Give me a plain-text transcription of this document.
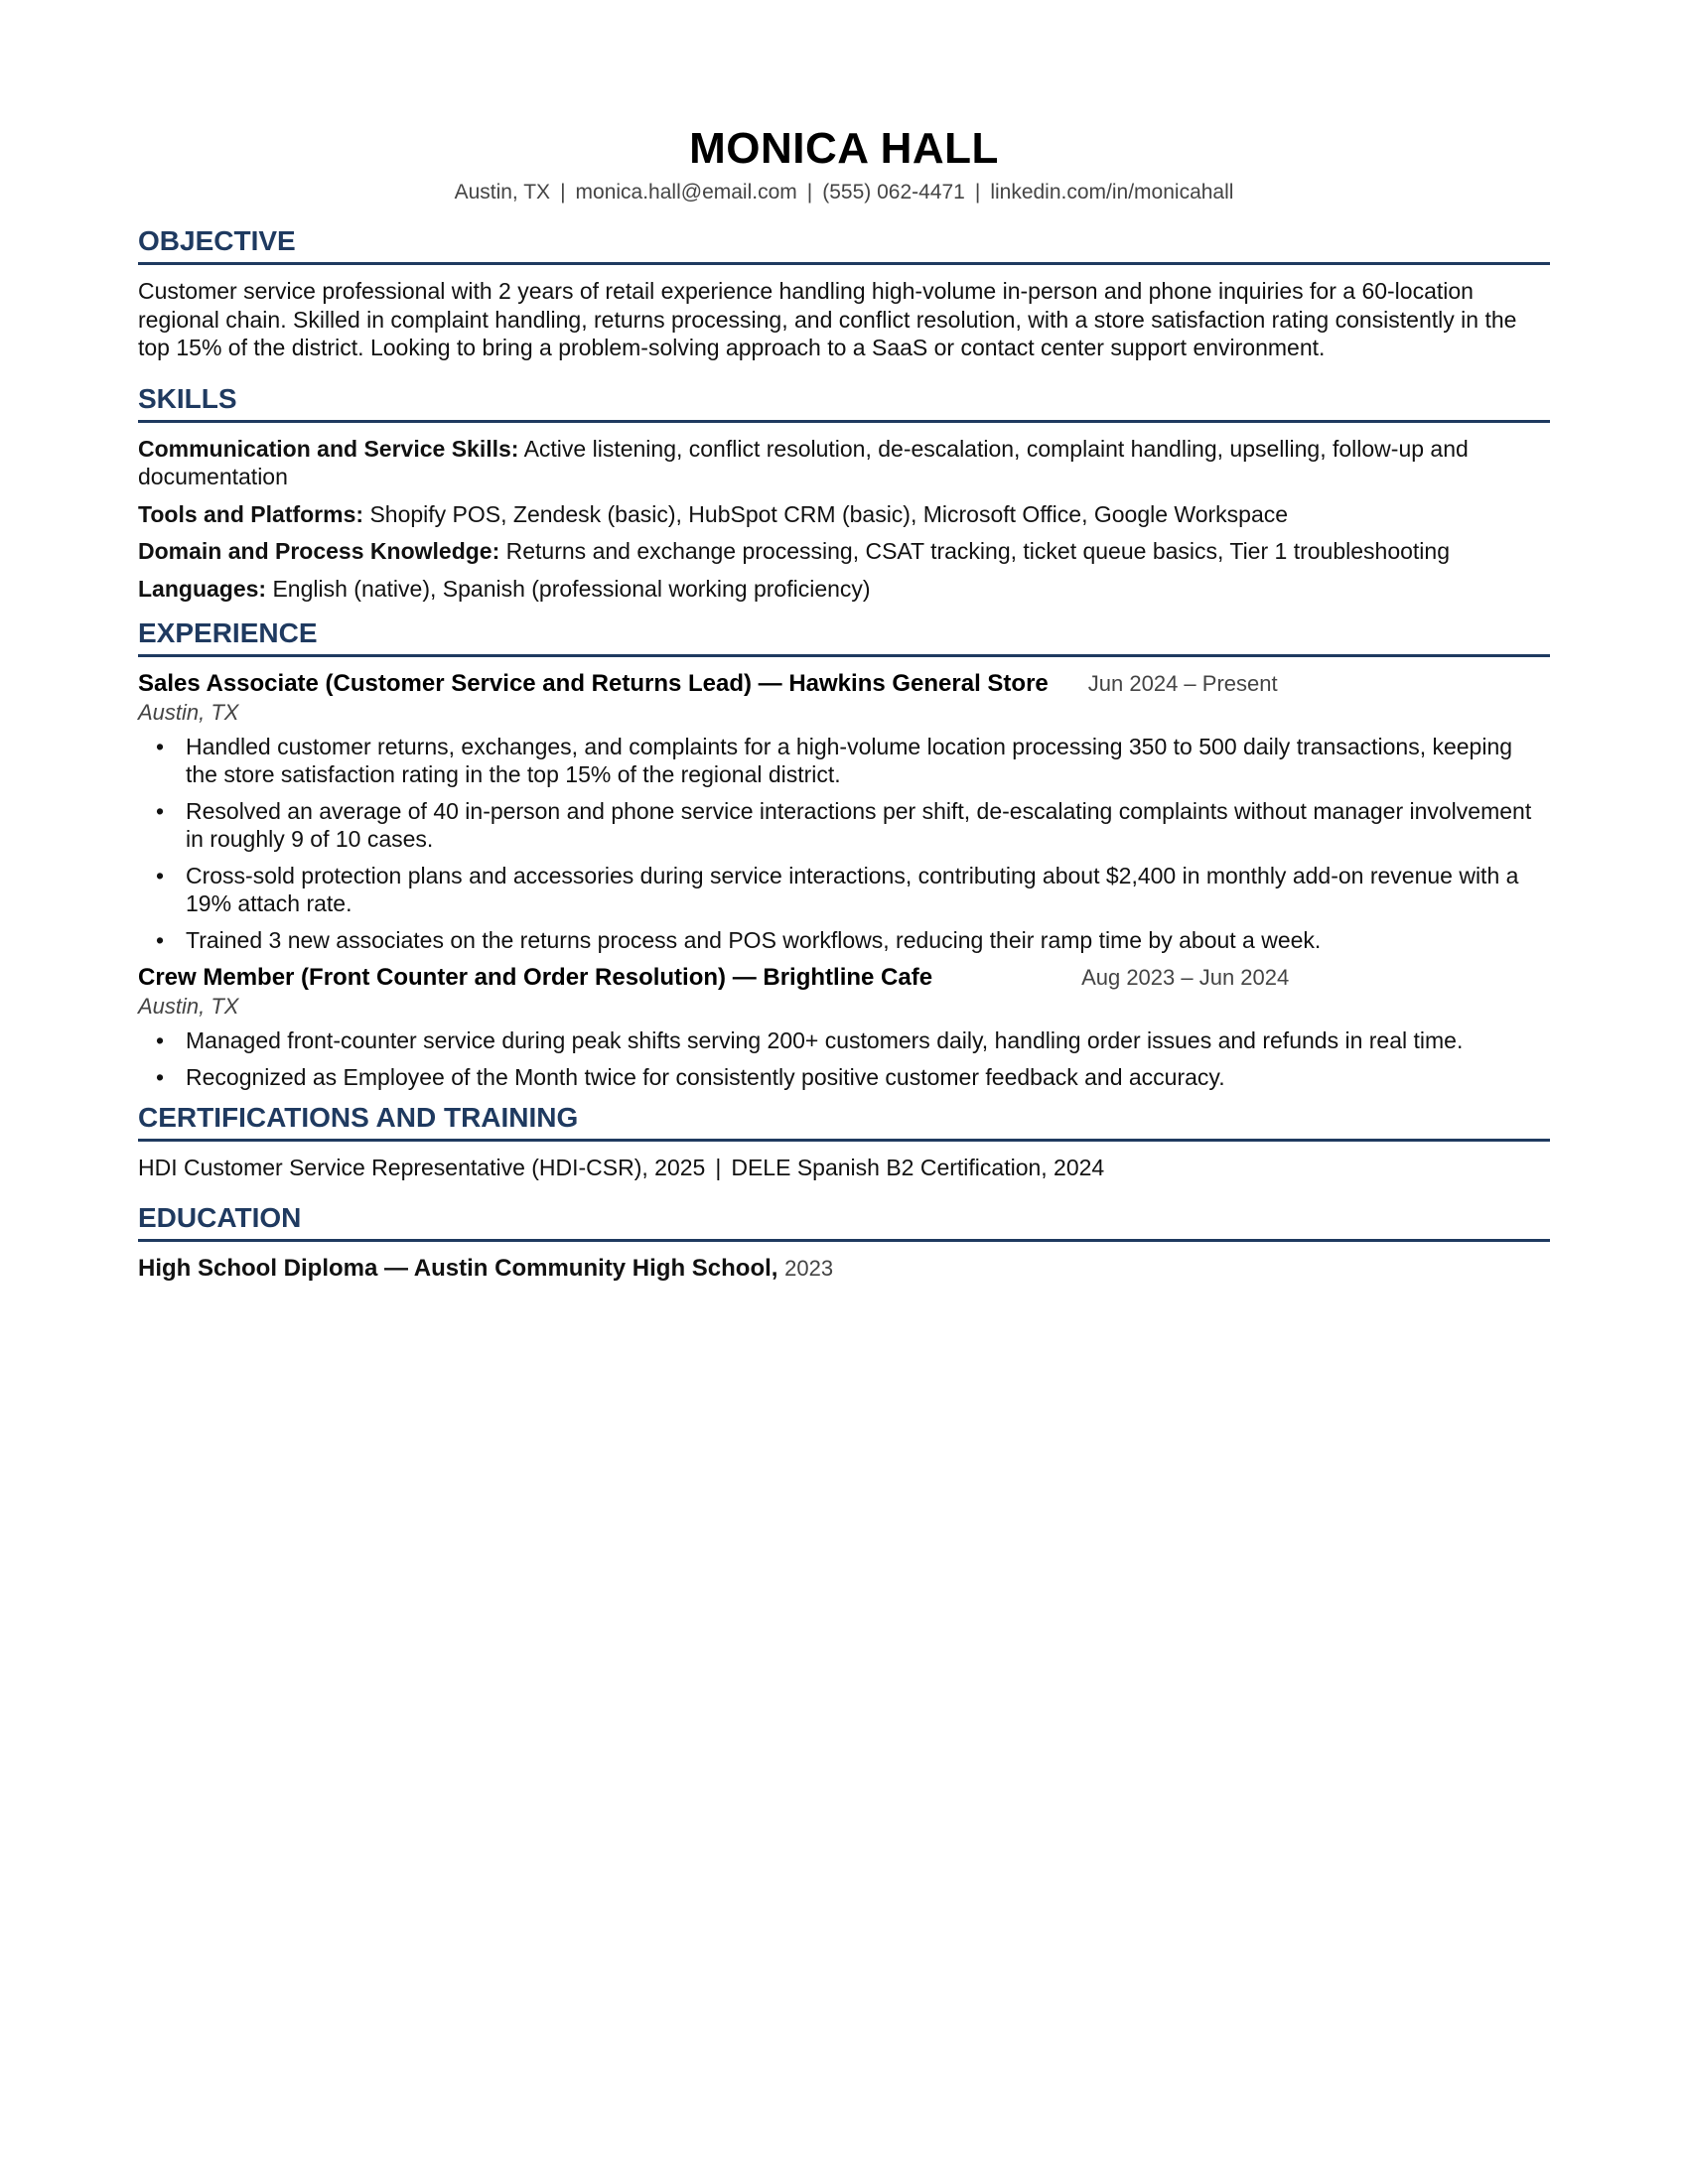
MONICA HALL
Austin, TX | monica.hall@email.com | (555) 062-4471 | linkedin.com/in/monicahall
OBJECTIVE

Customer service professional with 2 years of retail experience handling high-volume in-person and phone inquiries for a 60-location regional chain. Skilled in complaint handling, returns processing, and conflict resolution, with a store satisfaction rating consistently in the top 15% of the district. Looking to bring a problem-solving approach to a SaaS or contact center support environment.

SKILLS

Communication and Service Skills: Active listening, conflict resolution, de-escalation, complaint handling, upselling, follow-up and documentation

Tools and Platforms: Shopify POS, Zendesk (basic), HubSpot CRM (basic), Microsoft Office, Google Workspace

Domain and Process Knowledge: Returns and exchange processing, CSAT tracking, ticket queue basics, Tier 1 troubleshooting

Languages: English (native), Spanish (professional working proficiency)

EXPERIENCE
Sales Associate (Customer Service and Returns Lead) — Hawkins General Store Jun 2024 – Present
Austin, TX
• Handled customer returns, exchanges, and complaints for a high-volume location processing 350 to 500 daily transactions, keeping the store satisfaction rating in the top 15% of the regional district.
• Resolved an average of 40 in-person and phone service interactions per shift, de-escalating complaints without manager involvement in roughly 9 of 10 cases.
• Cross-sold protection plans and accessories during service interactions, contributing about $2,400 in monthly add-on revenue with a 19% attach rate.
• Trained 3 new associates on the returns process and POS workflows, reducing their ramp time by about a week.
Crew Member (Front Counter and Order Resolution) — Brightline Cafe	Aug 2023 – Jun 2024
Austin, TX
• Managed front-counter service during peak shifts serving 200+ customers daily, handling order issues and refunds in real time.
• Recognized as Employee of the Month twice for consistently positive customer feedback and accuracy.
CERTIFICATIONS AND TRAINING
HDI Customer Service Representative (HDI-CSR), 2025 | DELE Spanish B2 Certification, 2024
EDUCATION
High School Diploma — Austin Community High School, 2023
